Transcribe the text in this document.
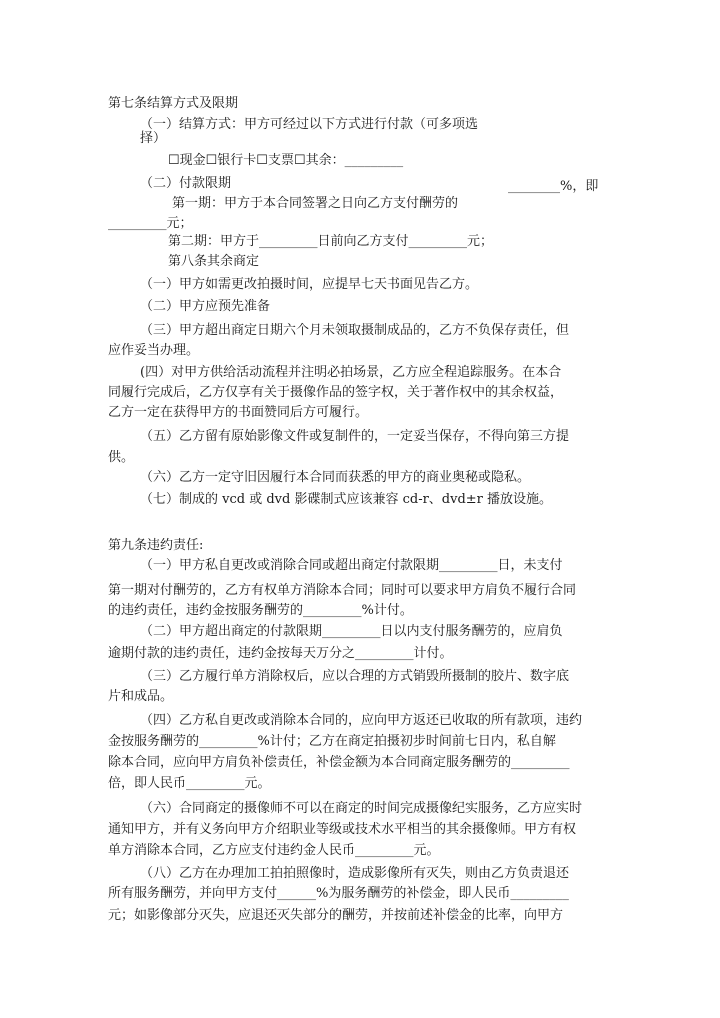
第七条结算方式及限期
（一）结算方式：甲方可经过以下方式进行付款（可多项选
择）
☐现金☐银行卡☐支票☐其余：_________
（二）付款限期	________%，即
第一期：甲方于本合同签署之日向乙方支付酬劳的
_________元；
第二期：甲方于_________日前向乙方支付_________元；
第八条其余商定
（一）甲方如需更改拍摄时间，应提早七天书面见告乙方。
（二）甲方应预先准备
（三）甲方超出商定日期六个月未领取摄制成品的，乙方不负保存责任，但
应作妥当办理。
(四）对甲方供给活动流程并注明必拍场景，乙方应全程追踪服务。在本合
同履行完成后，乙方仅享有关于摄像作品的签字权，关于著作权中的其余权益，
乙方一定在获得甲方的书面赞同后方可履行。
（五）乙方留有原始影像文件或复制件的，一定妥当保存，不得向第三方提
供。
（六）乙方一定守旧因履行本合同而获悉的甲方的商业奥秘或隐私。
（七）制成的 vcd 或 dvd 影碟制式应该兼容 cd-r、dvd±r 播放设施。
第九条违约责任:
（一）甲方私自更改或消除合同或超出商定付款限期_________日，未支付
第一期对付酬劳的，乙方有权单方消除本合同；同时可以要求甲方肩负不履行合同
的违约责任，违约金按服务酬劳的_________%计付。
（二）甲方超出商定的付款限期_________日以内支付服务酬劳的，应肩负
逾期付款的违约责任，违约金按每天万分之_________计付。
（三）乙方履行单方消除权后，应以合理的方式销毁所摄制的胶片、数字底
片和成品。
（四）乙方私自更改或消除本合同的，应向甲方返还已收取的所有款项，违约
金按服务酬劳的_________%计付；乙方在商定拍摄初步时间前七日内，私自解
除本合同，应向甲方肩负补偿责任，补偿金额为本合同商定服务酬劳的_________
倍，即人民币_________元。
（六）合同商定的摄像师不可以在商定的时间完成摄像纪实服务，乙方应实时
通知甲方，并有义务向甲方介绍职业等级或技术水平相当的其余摄像师。甲方有权
单方消除本合同，乙方应支付违约金人民币_________元。
（八）乙方在办理加工拍拍照像时，造成影像所有灭失，则由乙方负责退还
所有服务酬劳，并向甲方支付______%为服务酬劳的补偿金，即人民币_________
元；如影像部分灭失，应退还灭失部分的酬劳，并按前述补偿金的比率，向甲方
